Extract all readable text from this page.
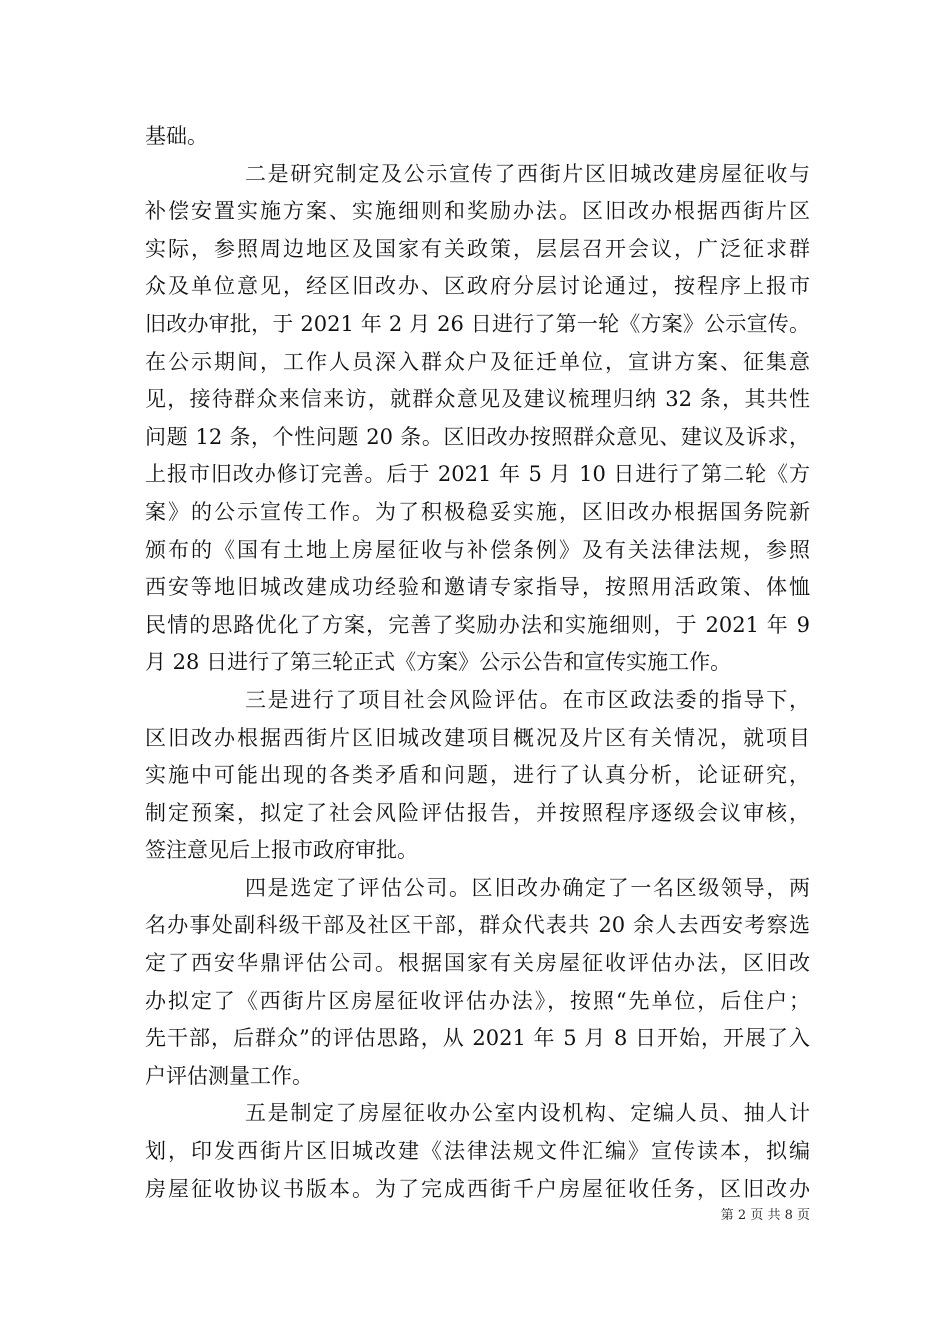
基础。
二是研究制定及公示宣传了西街片区旧城改建房屋征收与
补偿安置实施方案、实施细则和奖励办法。区旧改办根据西街片区
实际，参照周边地区及国家有关政策，层层召开会议，广泛征求群
众及单位意见，经区旧改办、区政府分层讨论通过，按程序上报市
旧改办审批，于 2021 年 2 月 26 日进行了第一轮《方案》公示宣传。
在公示期间，工作人员深入群众户及征迁单位，宣讲方案、征集意
见，接待群众来信来访，就群众意见及建议梳理归纳 32 条，其共性
问题 12 条，个性问题 20 条。区旧改办按照群众意见、建议及诉求，
上报市旧改办修订完善。后于 2021 年 5 月 10 日进行了第二轮《方
案》的公示宣传工作。为了积极稳妥实施，区旧改办根据国务院新
颁布的《国有土地上房屋征收与补偿条例》及有关法律法规，参照
西安等地旧城改建成功经验和邀请专家指导，按照用活政策、体恤
民情的思路优化了方案，完善了奖励办法和实施细则，于 2021 年 9
月 28 日进行了第三轮正式《方案》公示公告和宣传实施工作。
三是进行了项目社会风险评估。在市区政法委的指导下，
区旧改办根据西街片区旧城改建项目概况及片区有关情况，就项目
实施中可能出现的各类矛盾和问题，进行了认真分析，论证研究，
制定预案，拟定了社会风险评估报告，并按照程序逐级会议审核，
签注意见后上报市政府审批。
四是选定了评估公司。区旧改办确定了一名区级领导，两
名办事处副科级干部及社区干部，群众代表共 20 余人去西安考察选
定了西安华鼎评估公司。根据国家有关房屋征收评估办法，区旧改
办拟定了《西街片区房屋征收评估办法》，按照“先单位，后住户；
先干部，后群众”的评估思路，从 2021 年 5 月 8 日开始，开展了入
户评估测量工作。
五是制定了房屋征收办公室内设机构、定编人员、抽人计
划，印发西街片区旧城改建《法律法规文件汇编》宣传读本，拟编
房屋征收协议书版本。为了完成西街千户房屋征收任务，区旧改办
第 2 页 共 8 页
